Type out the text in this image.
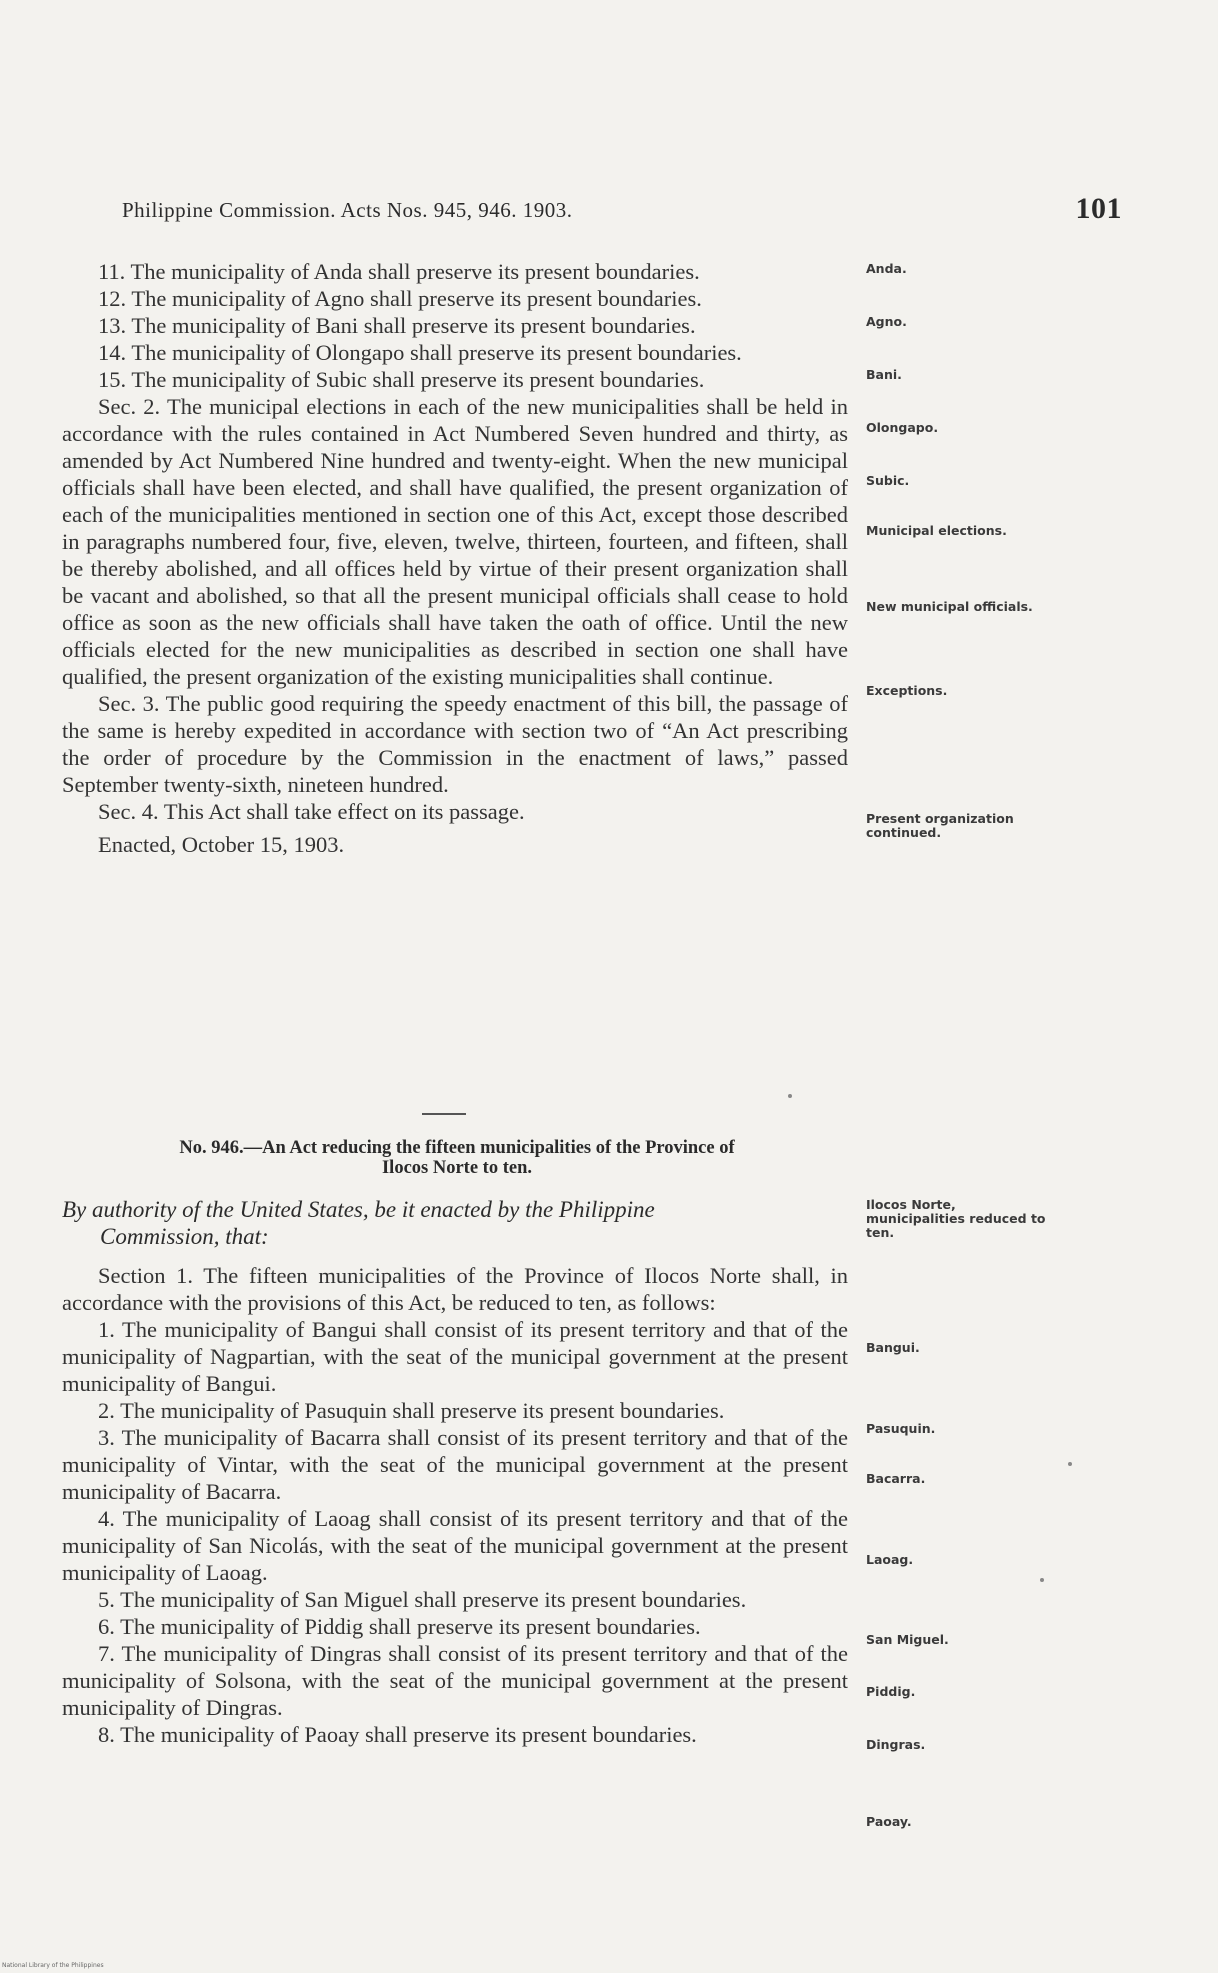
Philippine Commission. Acts Nos. 945, 946. 1903.	101

11. The municipality of Anda shall preserve its present boundaries.

12. The municipality of Agno shall preserve its present boundaries.

13. The municipality of Bani shall preserve its present boundaries.

14. The municipality of Olongapo shall preserve its present boundaries.

15. The municipality of Subic shall preserve its present boundaries.

Sec. 2. The municipal elections in each of the new municipalities shall be held in accordance with the rules contained in Act Numbered Seven hundred and thirty, as amended by Act Numbered Nine hundred and twenty-eight. When the new municipal officials shall have been elected, and shall have qualified, the present organization of each of the municipalities mentioned in section one of this Act, except those described in paragraphs numbered four, five, eleven, twelve, thirteen, fourteen, and fifteen, shall be thereby abolished, and all offices held by virtue of their present organization shall be vacant and abolished, so that all the present municipal officials shall cease to hold office as soon as the new officials shall have taken the oath of office. Until the new officials elected for the new municipalities as described in section one shall have qualified, the present organization of the existing municipalities shall continue.

Sec. 3. The public good requiring the speedy enactment of this bill, the passage of the same is hereby expedited in accordance with section two of “An Act prescribing the order of procedure by the Commission in the enactment of laws,” passed September twenty-sixth, nineteen hundred.

Sec. 4. This Act shall take effect on its passage.

Enacted, October 15, 1903.

Anda.
Agno.
Bani.
Olongapo.
Subic.
Municipal elections.
New municipal officials.
Exceptions.
Present organization continued.
No. 946.—An Act reducing the fifteen municipalities of the Province of
Ilocos Norte to ten.
By authority of the United States, be it enacted by the Philippine
Commission, that:
Ilocos Norte, municipalities reduced to ten.

Section 1. The fifteen municipalities of the Province of Ilocos Norte shall, in accordance with the provisions of this Act, be reduced to ten, as follows:

1. The municipality of Bangui shall consist of its present territory and that of the municipality of Nagpartian, with the seat of the municipal government at the present municipality of Bangui.

2. The municipality of Pasuquin shall preserve its present boundaries.

3. The municipality of Bacarra shall consist of its present territory and that of the municipality of Vintar, with the seat of the municipal government at the present municipality of Bacarra.

4. The municipality of Laoag shall consist of its present territory and that of the municipality of San Nicolás, with the seat of the municipal government at the present municipality of Laoag.

5. The municipality of San Miguel shall preserve its present boundaries.

6. The municipality of Piddig shall preserve its present boundaries.

7. The municipality of Dingras shall consist of its present territory and that of the municipality of Solsona, with the seat of the municipal government at the present municipality of Dingras.

8. The municipality of Paoay shall preserve its present boundaries.

Bangui.
Pasuquin.
Bacarra.
Laoag.
San Miguel.
Piddig.
Dingras.
Paoay.
National Library of the Philippines
